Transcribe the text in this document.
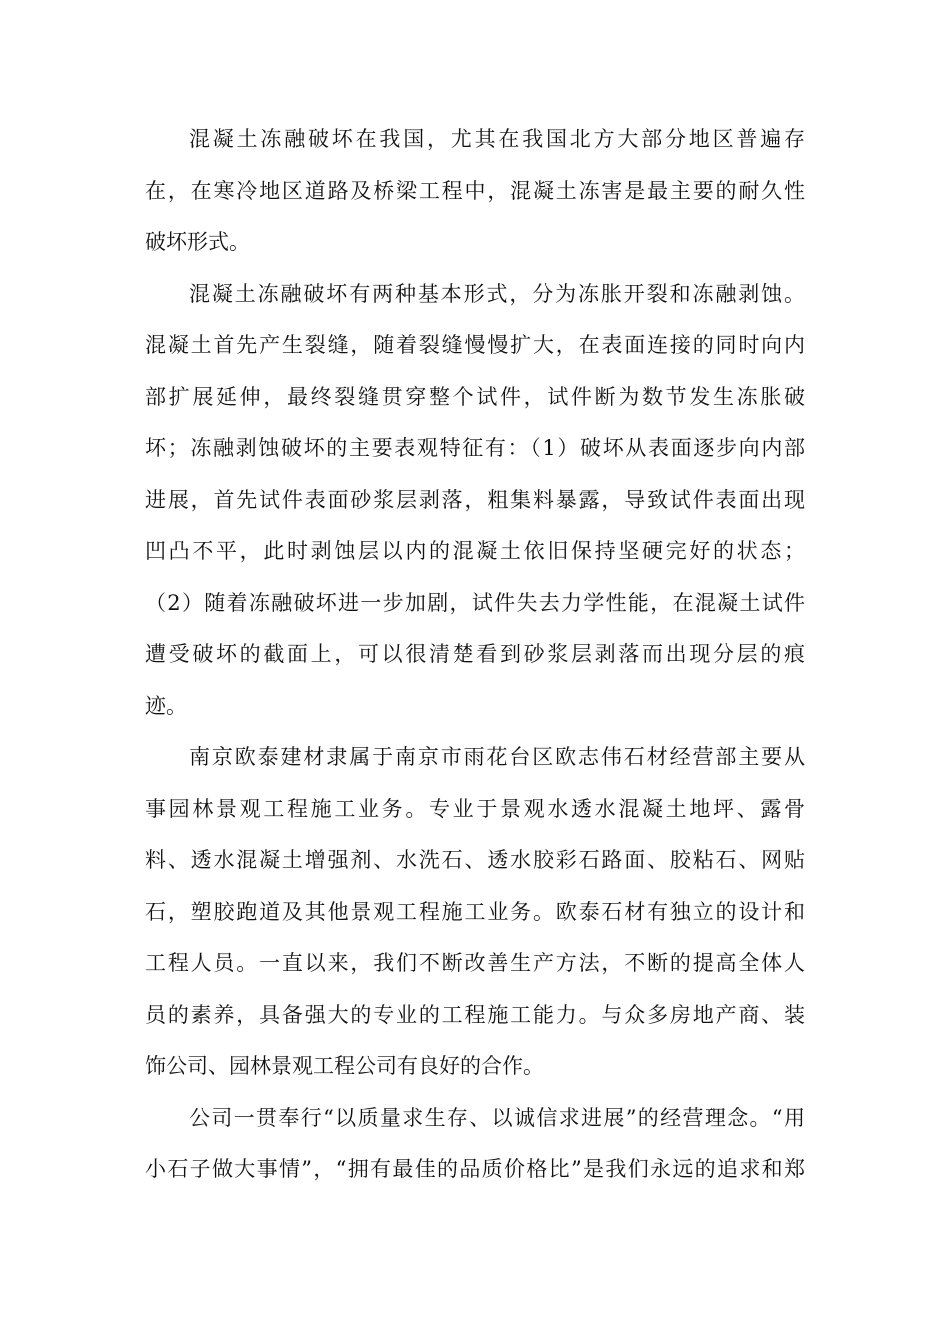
混凝土冻融破坏在我国，尤其在我国北方大部分地区普遍存
在，在寒冷地区道路及桥梁工程中，混凝土冻害是最主要的耐久性
破坏形式。
混凝土冻融破坏有两种基本形式，分为冻胀开裂和冻融剥蚀。
混凝土首先产生裂缝，随着裂缝慢慢扩大，在表面连接的同时向内
部扩展延伸，最终裂缝贯穿整个试件，试件断为数节发生冻胀破
坏；冻融剥蚀破坏的主要表观特征有：（1）破坏从表面逐步向内部
进展，首先试件表面砂浆层剥落，粗集料暴露，导致试件表面出现
凹凸不平，此时剥蚀层以内的混凝土依旧保持坚硬完好的状态；
（2）随着冻融破坏进一步加剧，试件失去力学性能，在混凝土试件
遭受破坏的截面上，可以很清楚看到砂浆层剥落而出现分层的痕
迹。
南京欧泰建材隶属于南京市雨花台区欧志伟石材经营部主要从
事园林景观工程施工业务。专业于景观水透水混凝土地坪、露骨
料、透水混凝土增强剂、水洗石、透水胶彩石路面、胶粘石、网贴
石，塑胶跑道及其他景观工程施工业务。欧泰石材有独立的设计和
工程人员。一直以来，我们不断改善生产方法，不断的提高全体人
员的素养，具备强大的专业的工程施工能力。与众多房地产商、装
饰公司、园林景观工程公司有良好的合作。
公司一贯奉行“以质量求生存、以诚信求进展”的经营理念。“用
小石子做大事情”，“拥有最佳的品质价格比”是我们永远的追求和郑
